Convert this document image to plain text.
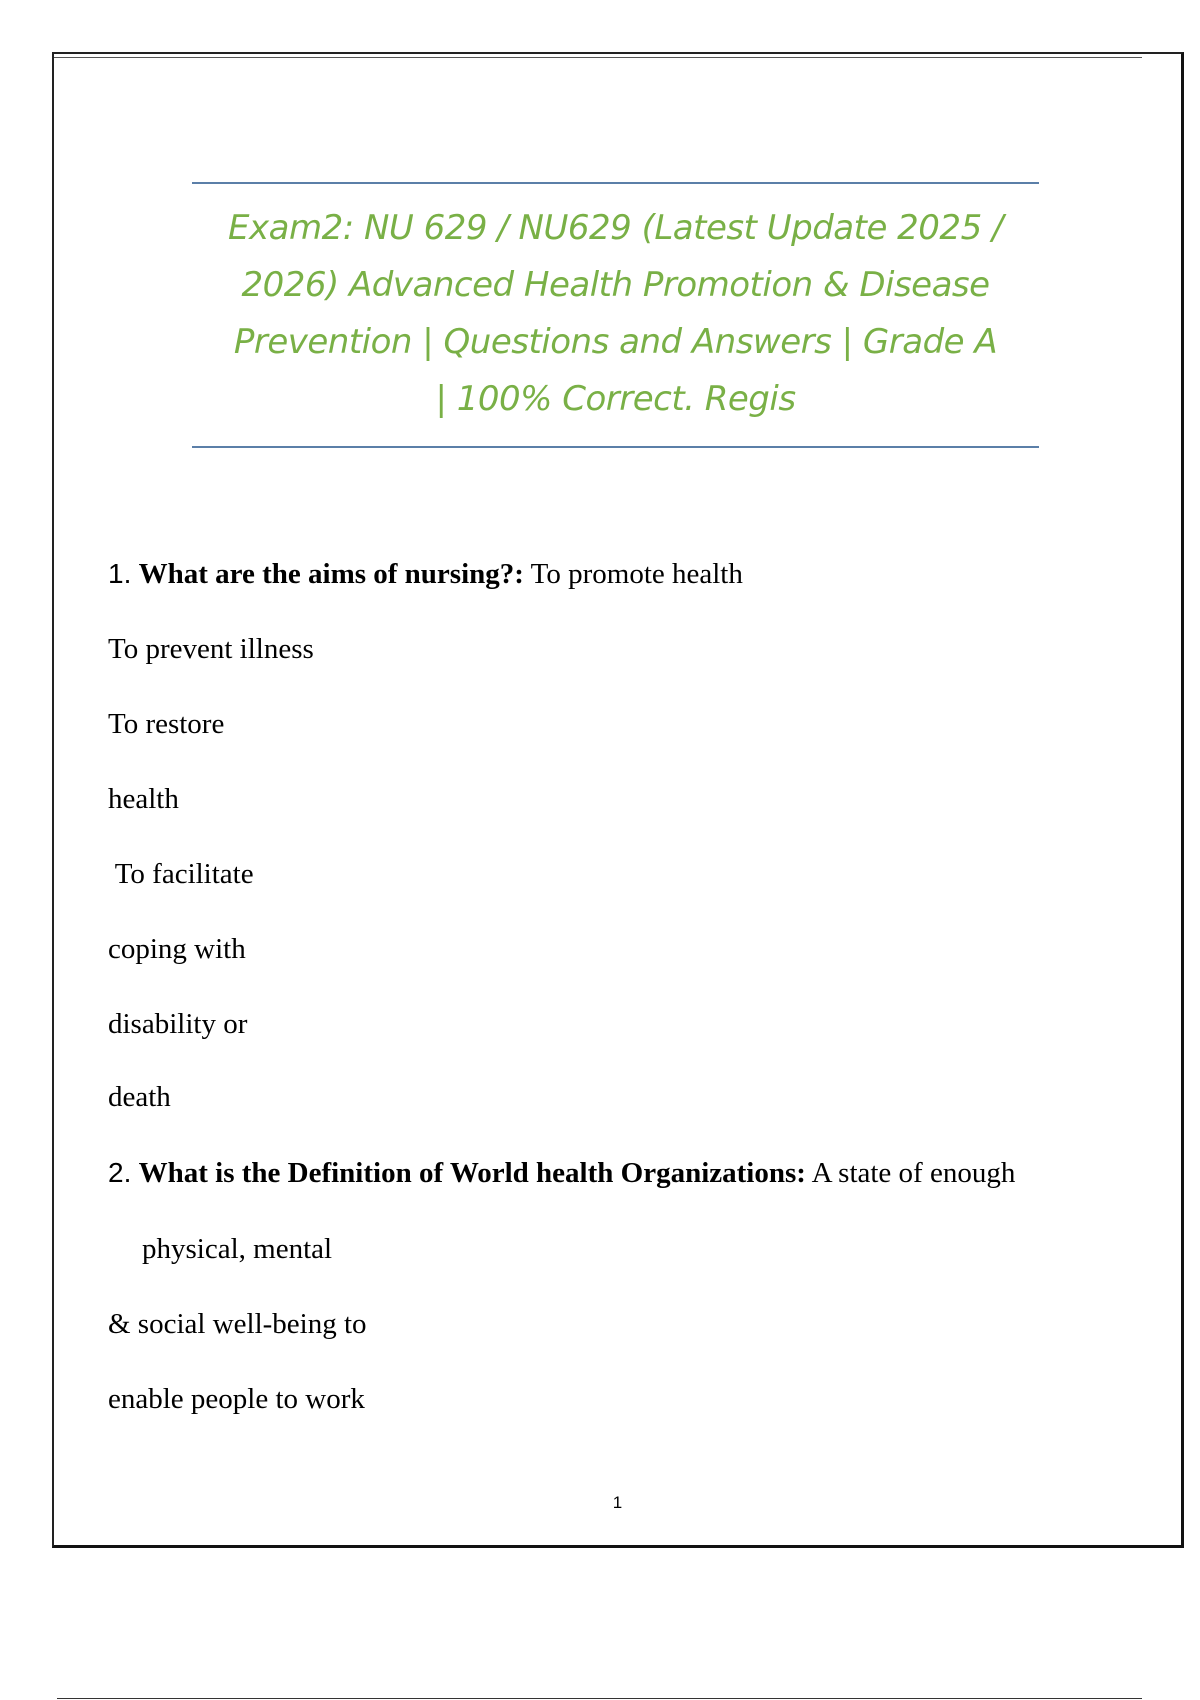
Exam2: NU 629 / NU629 (Latest Update 2025 /
2026) Advanced Health Promotion & Disease
Prevention | Questions and Answers | Grade A
| 100% Correct. Regis
1. What are the aims of nursing?: To promote health
To prevent illness
To restore
health
To facilitate
coping with
disability or
death
2. What is the Definition of World health Organizations: A state of enough
physical, mental
& social well-being to
enable people to work
1
